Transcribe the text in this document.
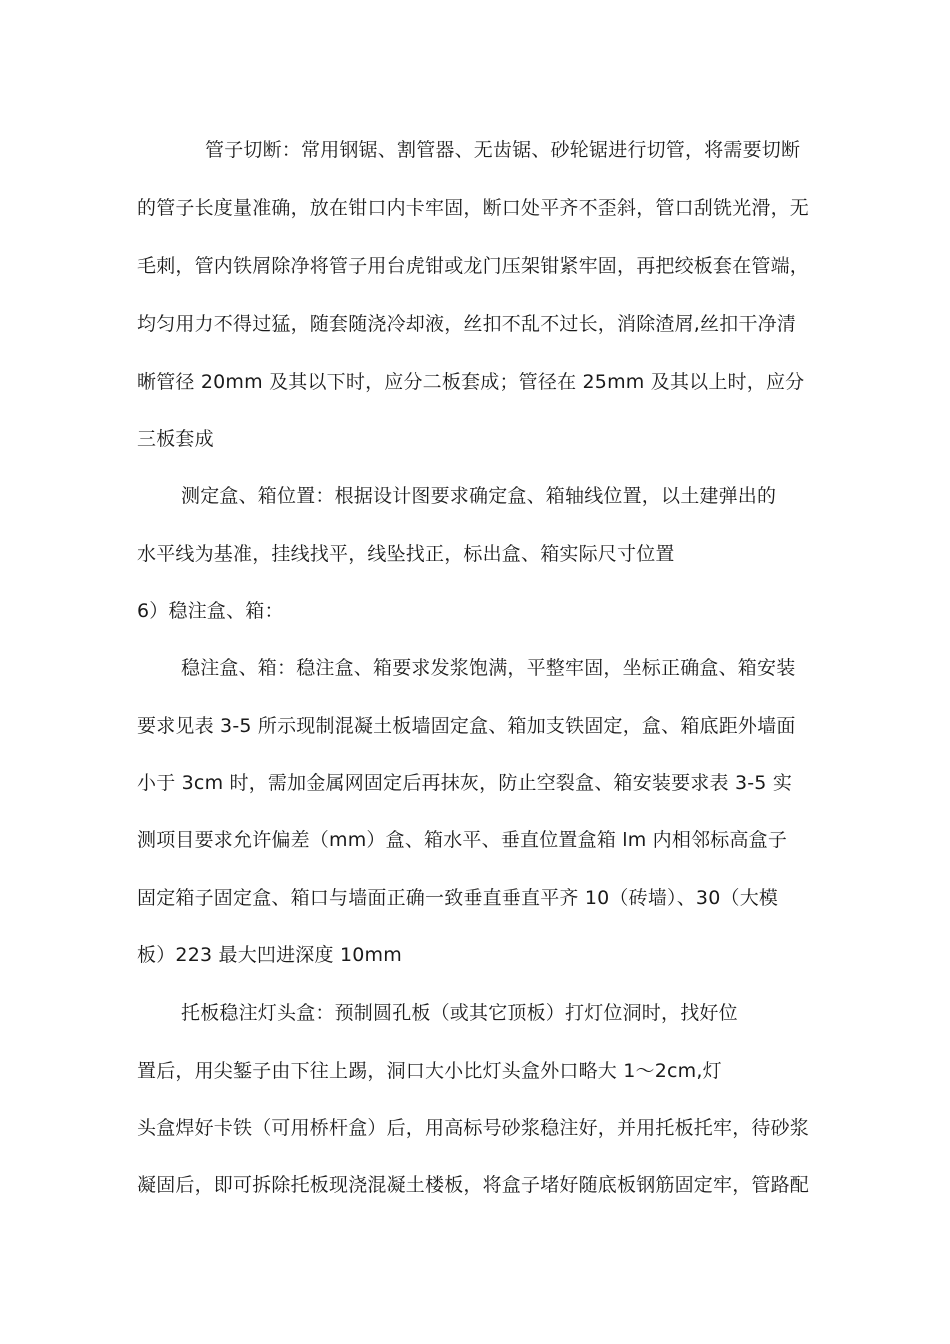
管子切断：常用钢锯、割管器、无齿锯、砂轮锯进行切管，将需要切断
的管子长度量准确，放在钳口内卡牢固，断口处平齐不歪斜，管口刮铣光滑，无
毛刺，管内铁屑除净将管子用台虎钳或龙门压架钳紧牢固，再把绞板套在管端，
均匀用力不得过猛，随套随浇冷却液，丝扣不乱不过长，消除渣屑,丝扣干净清
晰管径 20mm 及其以下时，应分二板套成；管径在 25mm 及其以上时，应分
三板套成
测定盒、箱位置：根据设计图要求确定盒、箱轴线位置，以土建弹出的
水平线为基准，挂线找平，线坠找正，标出盒、箱实际尺寸位置
6）稳注盒、箱：
稳注盒、箱：稳注盒、箱要求发浆饱满，平整牢固，坐标正确盒、箱安装
要求见表 3-5 所示现制混凝土板墙固定盒、箱加支铁固定，盒、箱底距外墙面
小于 3cm 时，需加金属网固定后再抹灰，防止空裂盒、箱安装要求表 3-5 实
测项目要求允许偏差（mm）盒、箱水平、垂直位置盒箱 lm 内相邻标高盒子
固定箱子固定盒、箱口与墙面正确一致垂直垂直平齐 10（砖墙）、30（大模
板）223 最大凹进深度 10mm
托板稳注灯头盒：预制圆孔板（或其它顶板）打灯位洞时，找好位
置后，用尖錾子由下往上踢，洞口大小比灯头盒外口略大 1～2cm,灯
头盒焊好卡铁（可用桥杆盒）后，用高标号砂浆稳注好，并用托板托牢，待砂浆
凝固后，即可拆除托板现浇混凝土楼板，将盒子堵好随底板钢筋固定牢，管路配
